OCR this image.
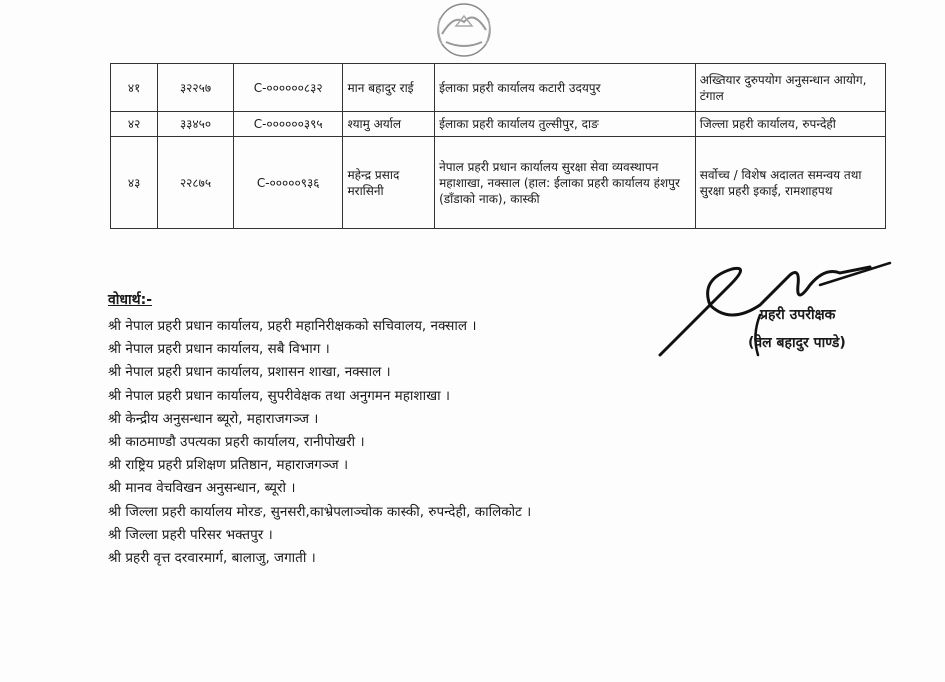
४१	३२२५७	C-००००००८३२	मान बहादुर राई	ईलाका प्रहरी कार्यालय कटारी उदयपुर	अख्तियार दुरुपयोग अनुसन्धान आयोग, टंगाल
४२	३३४५०	C-००००००३९५	श्यामु अर्याल	ईलाका प्रहरी कार्यालय तुल्सीपुर, दाङ	जिल्ला प्रहरी कार्यालय, रुपन्देही
४३	२२८७५	C-०००००९३६	महेन्द्र प्रसाद मरासिनी	नेपाल प्रहरी प्रधान कार्यालय सुरक्षा सेवा व्यवस्थापन महाशाखा, नक्साल (हाल: ईलाका प्रहरी कार्यालय हंशपुर (डाँडाको नाक), कास्की	सर्वोच्च / विशेष अदालत समन्वय तथा सुरक्षा प्रहरी इकाई, रामशाहपथ
प्रहरी उपरीक्षक
(वेल बहादुर पाण्डे)
वोधार्थ:-
श्री नेपाल प्रहरी प्रधान कार्यालय, प्रहरी महानिरीक्षकको सचिवालय, नक्साल ।
श्री नेपाल प्रहरी प्रधान कार्यालय, सबै विभाग ।
श्री नेपाल प्रहरी प्रधान कार्यालय, प्रशासन शाखा, नक्साल ।
श्री नेपाल प्रहरी प्रधान कार्यालय, सुपरीवेक्षक तथा अनुगमन महाशाखा ।
श्री केन्द्रीय अनुसन्धान ब्यूरो, महाराजगञ्ज ।
श्री काठमाण्डौ उपत्यका प्रहरी कार्यालय, रानीपोखरी ।
श्री राष्ट्रिय प्रहरी प्रशिक्षण प्रतिष्ठान, महाराजगञ्ज ।
श्री मानव वेचविखन अनुसन्धान, ब्यूरो ।
श्री जिल्ला प्रहरी कार्यालय मोरङ, सुनसरी,काभ्रेपलाञ्चोक कास्की, रुपन्देही, कालिकोट ।
श्री जिल्ला प्रहरी परिसर भक्तपुर ।
श्री प्रहरी वृत्त दरवारमार्ग, बालाजु, जगाती ।
